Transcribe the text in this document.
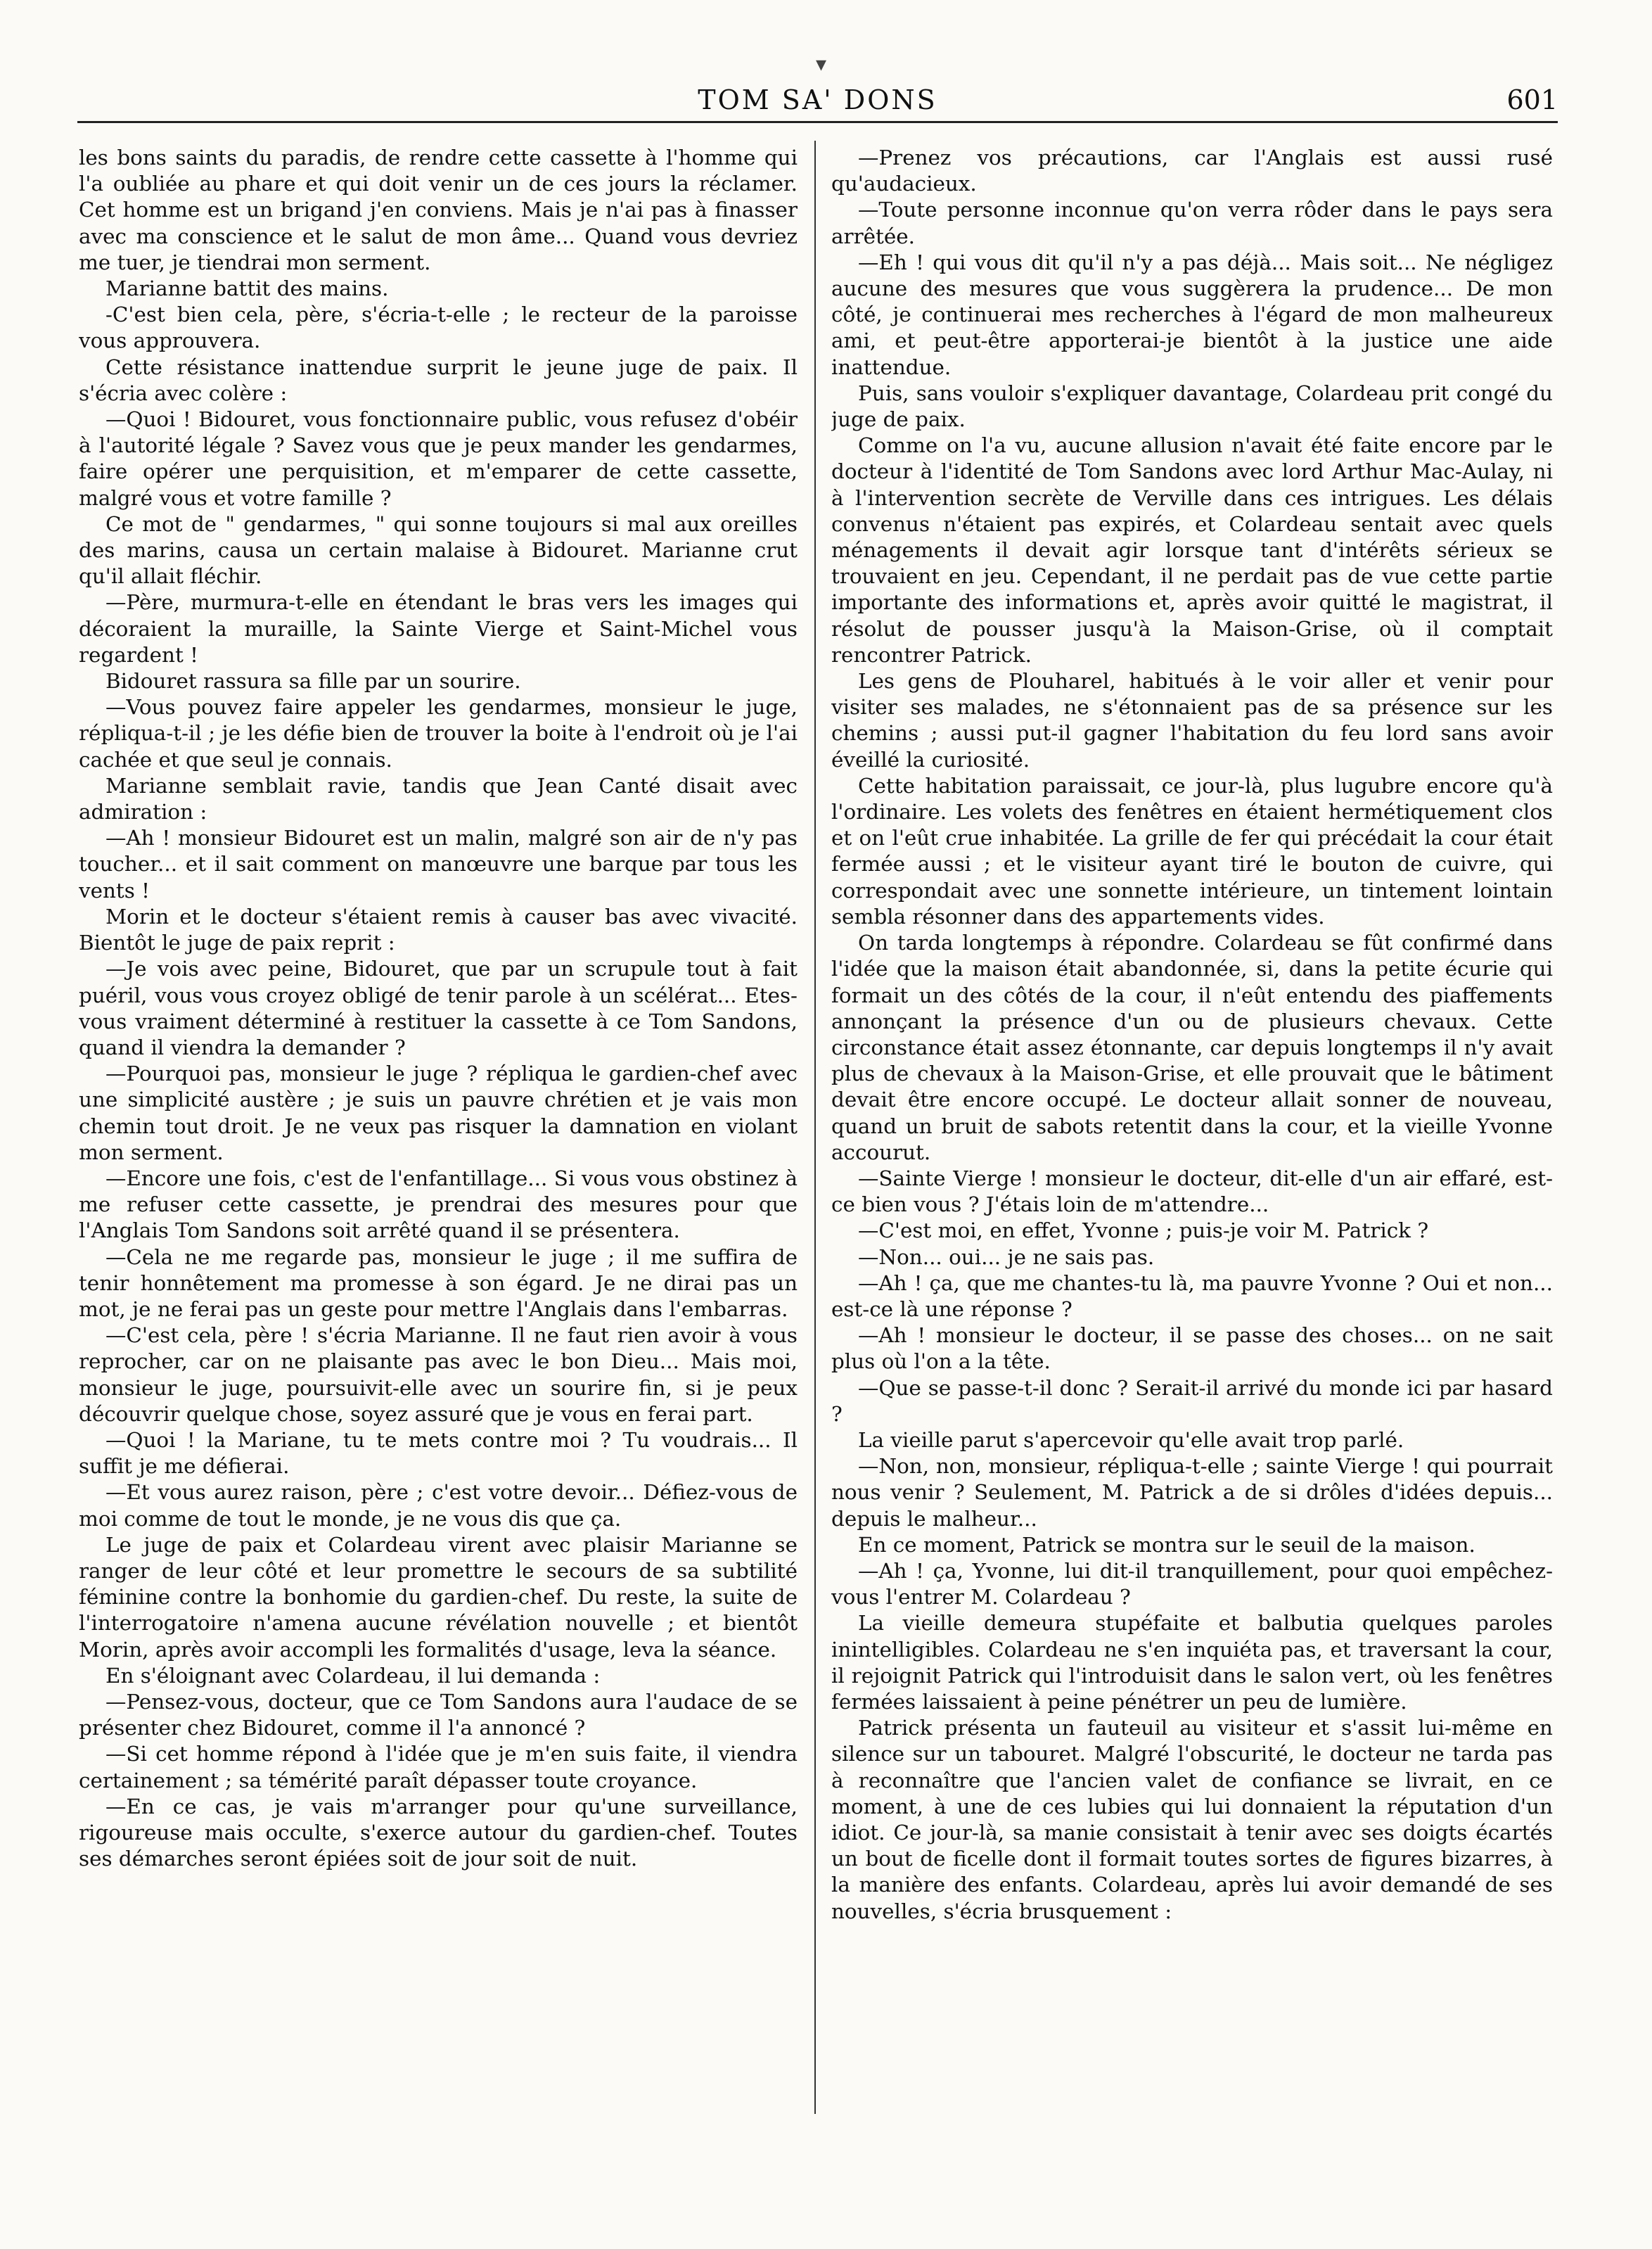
▾
TOM SA' DONS	601

les bons saints du paradis, de rendre cette cassette à l'homme qui l'a oubliée au phare et qui doit venir un de ces jours la réclamer. Cet homme est un brigand j'en conviens. Mais je n'ai pas à finasser avec ma conscience et le salut de mon âme... Quand vous devriez me tuer, je tiendrai mon serment.

Marianne battit des mains.

-C'est bien cela, père, s'écria-t-elle ; le recteur de la paroisse vous approuvera.

Cette résistance inattendue surprit le jeune juge de paix. Il s'écria avec colère :

—Quoi ! Bidouret, vous fonctionnaire public, vous refusez d'obéir à l'autorité légale ? Savez vous que je peux mander les gendarmes, faire opérer une perquisition, et m'emparer de cette cassette, malgré vous et votre famille ?

Ce mot de " gendarmes, " qui sonne toujours si mal aux oreilles des marins, causa un certain malaise à Bidouret. Marianne crut qu'il allait fléchir.

—Père, murmura-t-elle en étendant le bras vers les images qui décoraient la muraille, la Sainte Vierge et Saint-Michel vous regardent !

Bidouret rassura sa fille par un sourire.

—Vous pouvez faire appeler les gendarmes, monsieur le juge, répliqua-t-il ; je les défie bien de trouver la boite à l'endroit où je l'ai cachée et que seul je connais.

Marianne semblait ravie, tandis que Jean Canté disait avec admiration :

—Ah ! monsieur Bidouret est un malin, malgré son air de n'y pas toucher... et il sait comment on manœuvre une barque par tous les vents !

Morin et le docteur s'étaient remis à causer bas avec vivacité. Bientôt le juge de paix reprit :

—Je vois avec peine, Bidouret, que par un scrupule tout à fait puéril, vous vous croyez obligé de tenir parole à un scélérat... Etes-vous vraiment déterminé à restituer la cassette à ce Tom Sandons, quand il viendra la demander ?

—Pourquoi pas, monsieur le juge ? répliqua le gardien-chef avec une simplicité austère ; je suis un pauvre chrétien et je vais mon chemin tout droit. Je ne veux pas risquer la damnation en violant mon serment.

—Encore une fois, c'est de l'enfantillage... Si vous vous obstinez à me refuser cette cassette, je prendrai des mesures pour que l'Anglais Tom Sandons soit arrêté quand il se présentera.

—Cela ne me regarde pas, monsieur le juge ; il me suffira de tenir honnêtement ma promesse à son égard. Je ne dirai pas un mot, je ne ferai pas un geste pour mettre l'Anglais dans l'embarras.

—C'est cela, père ! s'écria Marianne. Il ne faut rien avoir à vous reprocher, car on ne plaisante pas avec le bon Dieu... Mais moi, monsieur le juge, poursuivit-elle avec un sourire fin, si je peux découvrir quelque chose, soyez assuré que je vous en ferai part.

—Quoi ! la Mariane, tu te mets contre moi ? Tu voudrais... Il suffit je me défierai.

—Et vous aurez raison, père ; c'est votre devoir... Défiez-vous de moi comme de tout le monde, je ne vous dis que ça.

Le juge de paix et Colardeau virent avec plaisir Marianne se ranger de leur côté et leur promettre le secours de sa subtilité féminine contre la bonhomie du gardien-chef. Du reste, la suite de l'interrogatoire n'amena aucune révélation nouvelle ; et bientôt Morin, après avoir accompli les formalités d'usage, leva la séance.

En s'éloignant avec Colardeau, il lui demanda :

—Pensez-vous, docteur, que ce Tom Sandons aura l'audace de se présenter chez Bidouret, comme il l'a annoncé ?

—Si cet homme répond à l'idée que je m'en suis faite, il viendra certainement ; sa témérité paraît dépasser toute croyance.

—En ce cas, je vais m'arranger pour qu'une surveillance, rigoureuse mais occulte, s'exerce autour du gardien-chef. Toutes ses démarches seront épiées soit de jour soit de nuit.

—Prenez vos précautions, car l'Anglais est aussi rusé qu'audacieux.

—Toute personne inconnue qu'on verra rôder dans le pays sera arrêtée.

—Eh ! qui vous dit qu'il n'y a pas déjà... Mais soit... Ne négligez aucune des mesures que vous suggèrera la prudence... De mon côté, je continuerai mes recherches à l'égard de mon malheureux ami, et peut-être apporterai-je bientôt à la justice une aide inattendue.

Puis, sans vouloir s'expliquer davantage, Colardeau prit congé du juge de paix.

Comme on l'a vu, aucune allusion n'avait été faite encore par le docteur à l'identité de Tom Sandons avec lord Arthur Mac-Aulay, ni à l'intervention secrète de Verville dans ces intrigues. Les délais convenus n'étaient pas expirés, et Colardeau sentait avec quels ménagements il devait agir lorsque tant d'intérêts sérieux se trouvaient en jeu. Cependant, il ne perdait pas de vue cette partie importante des informations et, après avoir quitté le magistrat, il résolut de pousser jusqu'à la Maison-Grise, où il comptait rencontrer Patrick.

Les gens de Plouharel, habitués à le voir aller et venir pour visiter ses malades, ne s'étonnaient pas de sa présence sur les chemins ; aussi put-il gagner l'habitation du feu lord sans avoir éveillé la curiosité.

Cette habitation paraissait, ce jour-là, plus lugubre encore qu'à l'ordinaire. Les volets des fenêtres en étaient hermétiquement clos et on l'eût crue inhabitée. La grille de fer qui précédait la cour était fermée aussi ; et le visiteur ayant tiré le bouton de cuivre, qui correspondait avec une sonnette intérieure, un tintement lointain sembla résonner dans des appartements vides.

On tarda longtemps à répondre. Colardeau se fût confirmé dans l'idée que la maison était abandonnée, si, dans la petite écurie qui formait un des côtés de la cour, il n'eût entendu des piaffements annonçant la présence d'un ou de plusieurs chevaux. Cette circonstance était assez étonnante, car depuis longtemps il n'y avait plus de chevaux à la Maison-Grise, et elle prouvait que le bâtiment devait être encore occupé. Le docteur allait sonner de nouveau, quand un bruit de sabots retentit dans la cour, et la vieille Yvonne accourut.

—Sainte Vierge ! monsieur le docteur, dit-elle d'un air effaré, est-ce bien vous ? J'étais loin de m'attendre...

—C'est moi, en effet, Yvonne ; puis-je voir M. Patrick ?

—Non... oui... je ne sais pas.

—Ah ! ça, que me chantes-tu là, ma pauvre Yvonne ? Oui et non... est-ce là une réponse ?

—Ah ! monsieur le docteur, il se passe des choses... on ne sait plus où l'on a la tête.

—Que se passe-t-il donc ? Serait-il arrivé du monde ici par hasard ?

La vieille parut s'apercevoir qu'elle avait trop parlé.

—Non, non, monsieur, répliqua-t-elle ; sainte Vierge ! qui pourrait nous venir ? Seulement, M. Patrick a de si drôles d'idées depuis... depuis le malheur...

En ce moment, Patrick se montra sur le seuil de la maison.

—Ah ! ça, Yvonne, lui dit-il tranquillement, pour quoi empêchez-vous l'entrer M. Colardeau ?

La vieille demeura stupéfaite et balbutia quelques paroles inintelligibles. Colardeau ne s'en inquiéta pas, et traversant la cour, il rejoignit Patrick qui l'introduisit dans le salon vert, où les fenêtres fermées laissaient à peine pénétrer un peu de lumière.

Patrick présenta un fauteuil au visiteur et s'assit lui-même en silence sur un tabouret. Malgré l'obscurité, le docteur ne tarda pas à reconnaître que l'ancien valet de confiance se livrait, en ce moment, à une de ces lubies qui lui donnaient la réputation d'un idiot. Ce jour-là, sa manie consistait à tenir avec ses doigts écartés un bout de ficelle dont il formait toutes sortes de figures bizarres, à la manière des enfants. Colardeau, après lui avoir demandé de ses nouvelles, s'écria brusquement :
